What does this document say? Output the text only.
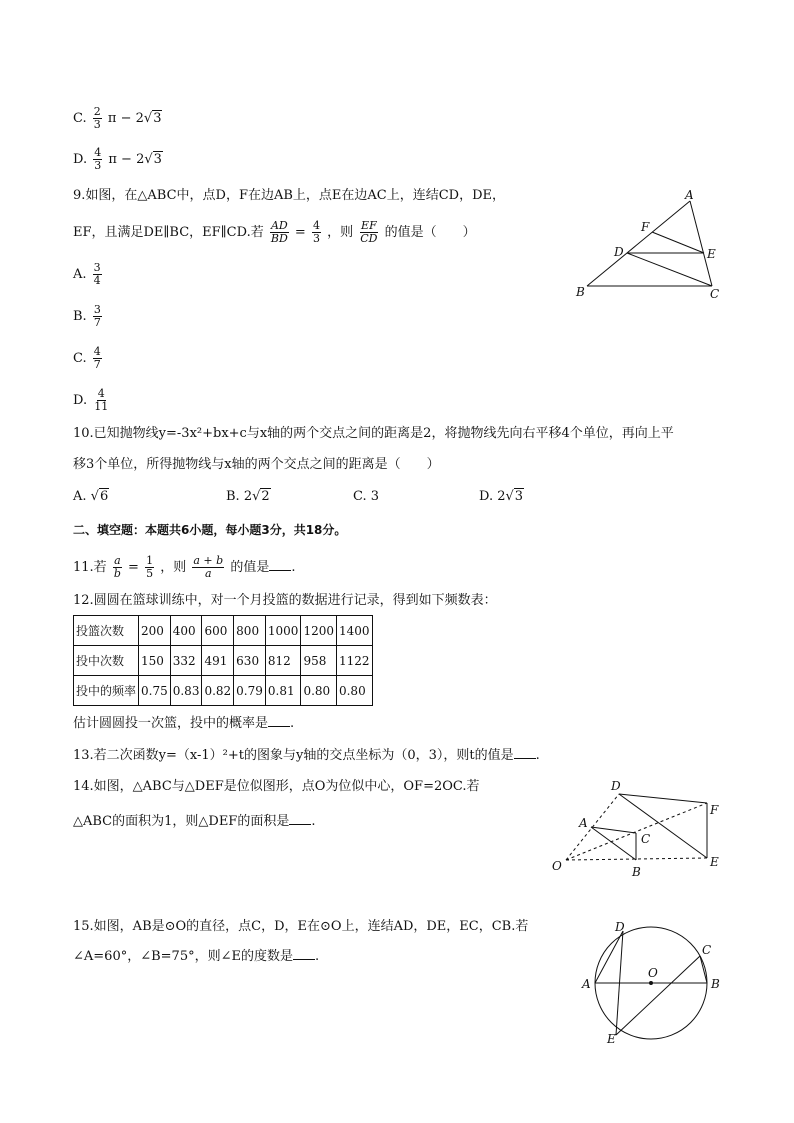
C. $\frac{2}{3}$ π − 2√3
D. $\frac{4}{3}$ π − 2√3
9.如图，在△ABC中，点D，F在边AB上，点E在边AC上，连结CD，DE，
EF，且满足DE∥BC，EF∥CD.若 $\frac{AD}{BD} = \frac{4}{3}$ ，则 $\frac{EF}{CD}$ 的值是（　　）
A. $\frac{3}{4}$
B. $\frac{3}{7}$
C. $\frac{4}{7}$
D. $\frac{4}{11}$
A
B	C
D	E
F
10.已知抛物线y=-3x²+bx+c与x轴的两个交点之间的距离是2，将抛物线先向右平移4个单位，再向上平
移3个单位，所得抛物线与x轴的两个交点之间的距离是（　　）
A. √6	B. 2√2	C. 3	D. 2√3
二、填空题：本题共6小题，每小题3分，共18分。
11.若 $\frac{a}{b} = \frac{1}{5}$ ，则 $\frac{a + b}{a}$ 的值是 .
12.圆圆在篮球训练中，对一个月投篮的数据进行记录，得到如下频数表：
投篮次数	200	400	600	800	1000	1200	1400
投中次数	150	332	491	630	812	958	1122
投中的频率	0.75	0.83	0.82	0.79	0.81	0.80	0.80
估计圆圆投一次篮，投中的概率是 .
13.若二次函数y=（x-1）²+t的图象与y轴的交点坐标为（0，3），则t的值是 .
14.如图，△ABC与△DEF是位似图形，点O为位似中心，OF=2OC.若
△ABC的面积为1，则△DEF的面积是 .
D
F
A
C
O	B
E
15.如图，AB是⊙O的直径，点C，D，E在⊙O上，连结AD，DE，EC，CB.若
∠A=60°，∠B=75°，则∠E的度数是 .
D
C
O
A	B
E
